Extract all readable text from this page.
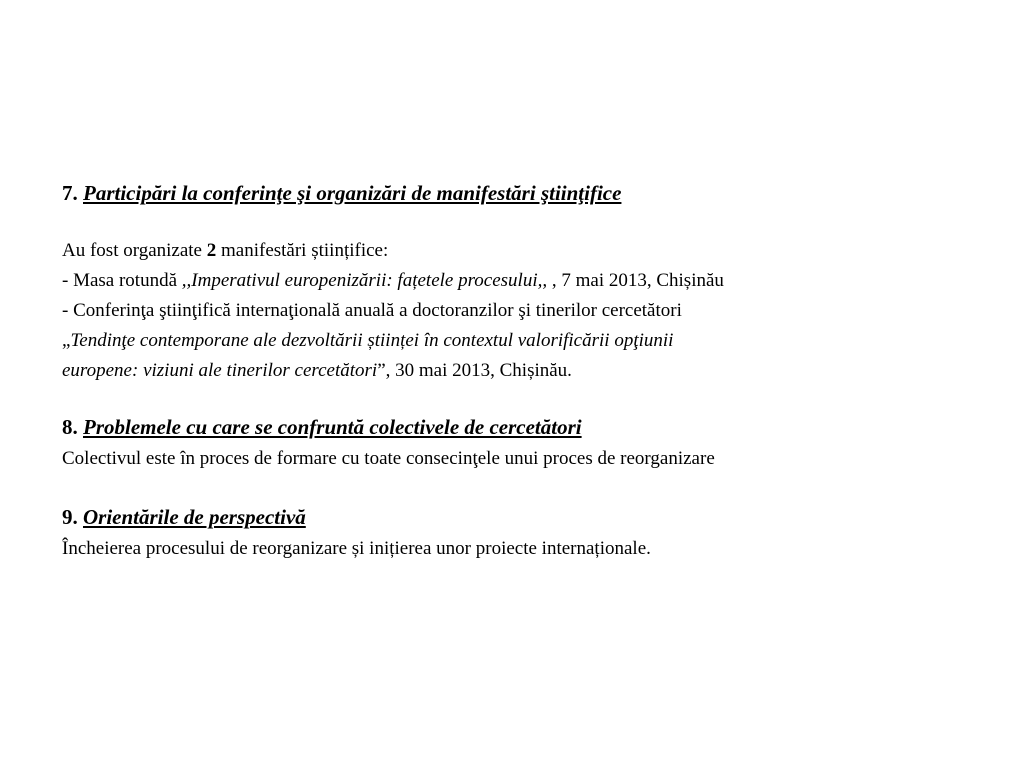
7. Participări la conferinţe şi organizări de manifestări ştiinţifice
Au fost organizate 2 manifestări științifice:
- Masa rotundă ,,Imperativul europenizării: fațetele procesului,, , 7 mai 2013, Chișinău
- Conferinţa ştiinţifică internaţională anuală a doctoranzilor şi tinerilor cercetători
„Tendinţe contemporane ale dezvoltării științei în contextul valorificării opţiunii
europene: viziuni ale tinerilor cercetători”, 30 mai 2013, Chișinău.
8. Problemele cu care se confruntă colectivele de cercetători
Colectivul este în proces de formare cu toate consecinţele unui proces de reorganizare
9. Orientările de perspectivă
Încheierea procesului de reorganizare și inițierea unor proiecte internaționale.
